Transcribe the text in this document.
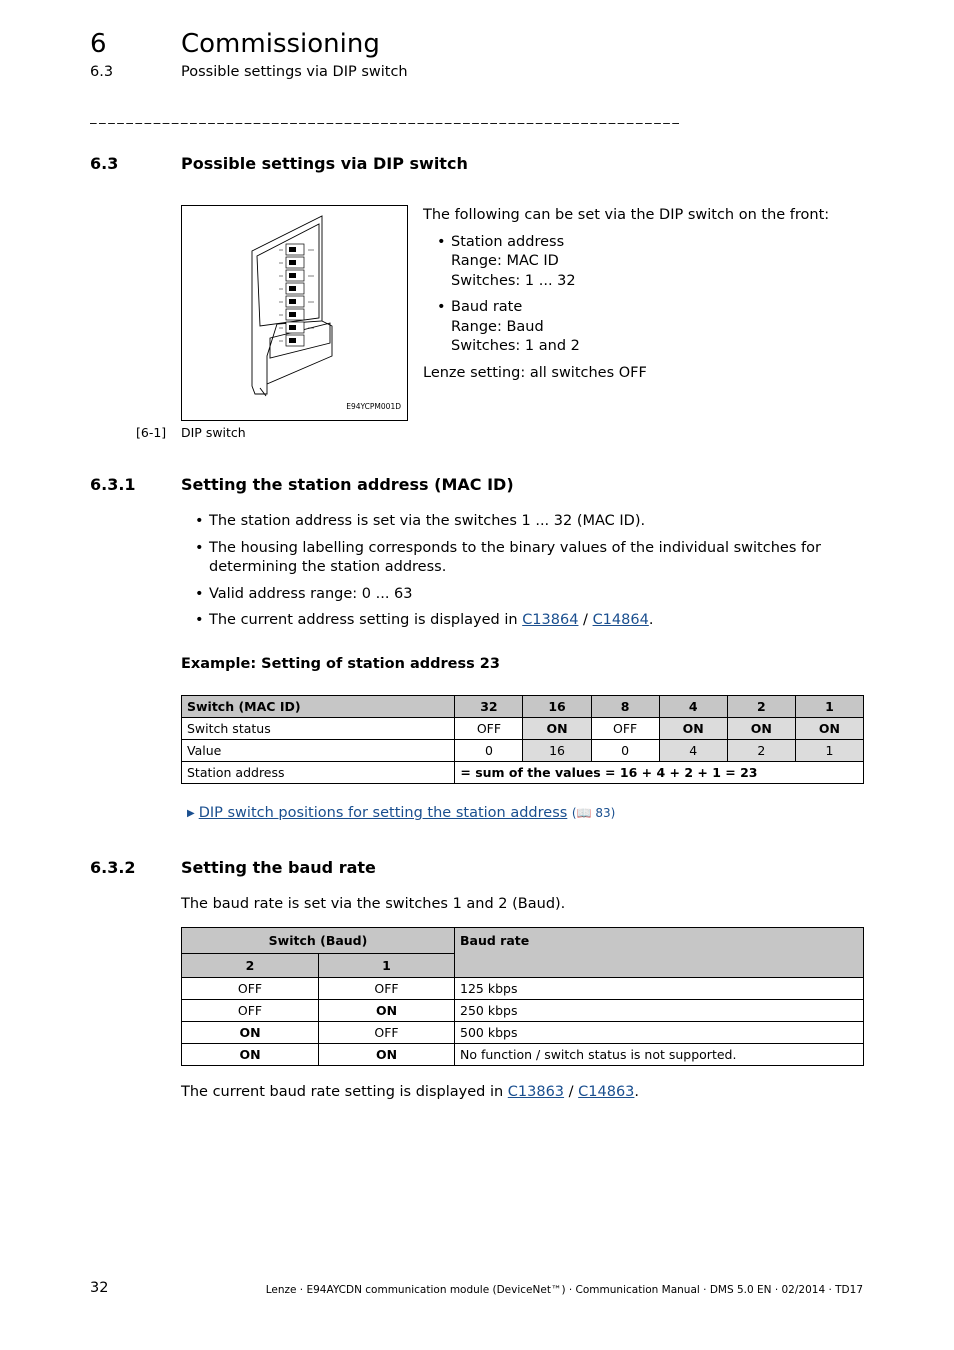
6	Commissioning
6.3	Possible settings via DIP switch
_________________________________________________________________
6.3	Possible settings via DIP switch
E94YCPM001D
[6-1] DIP switch
The following can be set via the DIP switch on the front:
• Station address
Range: MAC ID
Switches: 1 ... 32
• Baud rate
Range: Baud
Switches: 1 and 2
Lenze setting: all switches OFF
6.3.1	Setting the station address (MAC ID)
• The station address is set via the switches 1 ... 32 (MAC ID).
• The housing labelling corresponds to the binary values of the individual switches for determining the station address.
• Valid address range: 0 ... 63
• The current address setting is displayed in C13864 / C14864.
Example: Setting of station address 23
Switch (MAC ID)	32	16	8	4	2	1
Switch status	OFF	ON	OFF	ON	ON	ON
Value	0	16	0	4	2	1
Station address	= sum of the values = 16 + 4 + 2 + 1 = 23					
▶ DIP switch positions for setting the station address (📖 83)
6.3.2	Setting the baud rate
The baud rate is set via the switches 1 and 2 (Baud).
Switch (Baud)		Baud rate
2	1	
OFF	OFF	125 kbps
OFF	ON	250 kbps
ON	OFF	500 kbps
ON	ON	No function / switch status is not supported.
The current baud rate setting is displayed in C13863 / C14863.
32	Lenze · E94AYCDN communication module (DeviceNet™) · Communication Manual · DMS 5.0 EN · 02/2014 · TD17
